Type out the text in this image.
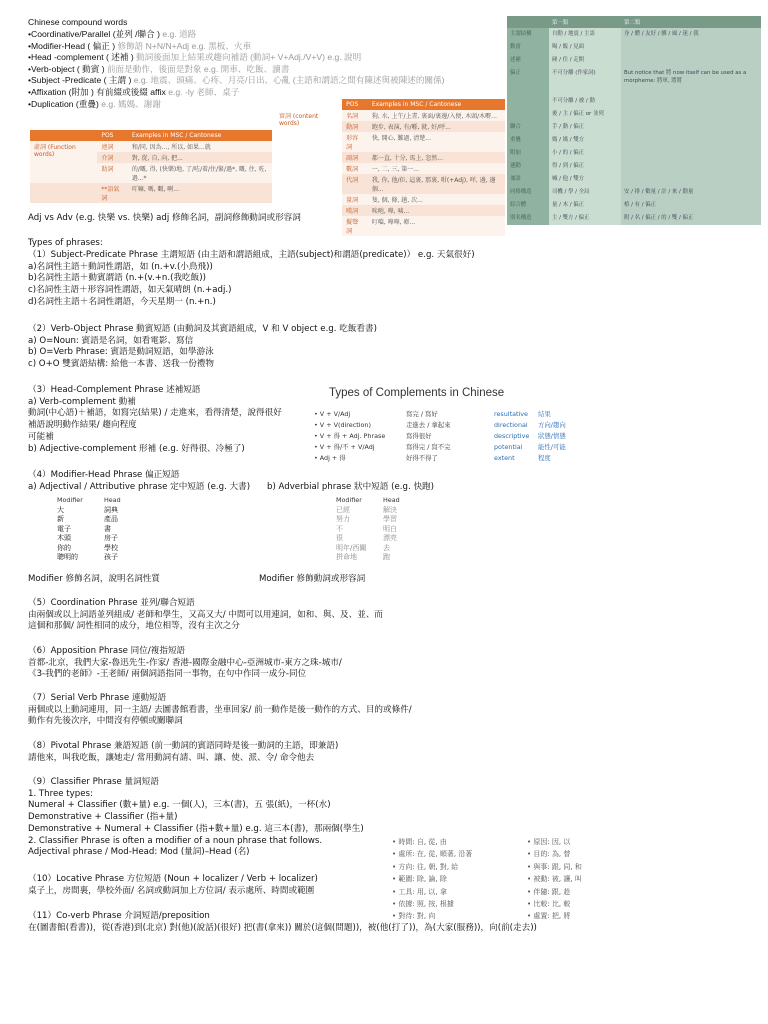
Chinese compound words
•Coordinative/Parallel (並列 /聯合 ) e.g. 道路
•Modifier-Head ( 偏正 ) 修飾語 N+N/N+Adj e.g. 黑板、火車
•Head -complement ( 述補 ) 動詞後面加上結果或趨向補語 (動詞+ V+Adj./V+V) e.g. 說明
•Verb-object ( 動賓 ) 前面是動作，後面是對象 e.g. 開車、吃飯、讀書
•Subject -Predicate ( 主謂 ) e.g. 地震、頭痛、心疼、月亮/日出、心亂 (主語和謂語之間有陳述與被陳述的關係)
•Affixation (附加 ) 有前綴或後綴 affix e.g. -ly 老師、桌子
•Duplication (重疊) e.g. 媽媽、謝謝
	POS	Examples in MSC / Cantonese
虛詞 (Function words)	連詞	和/同, 因為..., 所以, 如果...就
	介詞	對, 從, 自, 向, 把...
	助詞	的/嘅, 得, (快樂)地, 了/咗/着/住/緊/過*, 嘅, 住, 咗, 過...*
	**語氣詞	吖嘛, 嗎, 嘅, 啊...
	POS	Examples in MSC / Cantonese
實詞 (content words)	名詞	狗, 水, 上午/上晝, 裏面/裏邊/入便, 木頭/木嘢...
	動詞	跑步, 表演, 有/喺, 就, 好/呼...
	形容詞	快, 開心, 難過, 清楚...
	副詞	都一直, 十分, 馬上, 忽然...
	數詞	一, 二, 三, 第一...
	代詞	我, 你, 他/佢, 這裏, 那裏, 咁(+Adj), 咩, 邊, 邊個...
	量詞	隻, 個, 條, 趟, 次...
	嘆詞	唉吔, 嘩, 咦...
	擬聲詞	叮噹, 嘩嘩, 嘭...
	第一類	第二類
主謂結構	自動 / 地震 / 主語	身 / 體 / 友好 / 髒 / 風 / 迷 / 我
動賓	喝 / 飯 / 見面	
述補	碰 / 住 / 走開	
偏正	不可分離 (作家詞)	But notice that 將 now itself can be used as a morpheme: 將軍, 將將
	不可分離 / 被 / 動	
	後 / 主 / 偏正 or 並列	
聯合	手 / 動 / 偏正	
重疊	媽 / 媽 / 雙方	
附加	小 / 的 / 偏正	
連動	得 / 到 / 偏正	
兼語	喊 / 他 / 雙方	
同格構造	司機 / 學 / 全局	安 / 排 / 數量 / 計 / 來 / 動量
綜合體	量 / 木 / 偏正	植 / 有 / 偏正
別名構造	主 / 雙方 / 偏正	附 / 名 / 偏正 / 的 / 雙 / 偏正
Adj vs Adv (e.g. 快樂 vs. 快樂) adj 修飾名詞，副詞修飾動詞或形容詞
Types of phrases:
（1）Subject-Predicate Phrase 主謂短語 (由主語和謂語組成，主語(subject)和謂語(predicate)） e.g. 天氣很好)
a)名詞性主語＋動詞性謂語，如 (n.+v.(小鳥飛))
b)名詞性主語＋動賓謂語 (n.+(v.+n.(我吃飯))
c)名詞性主語＋形容詞性謂語，如天氣晴朗 (n.+adj.)
d)名詞性主語＋名詞性謂語，今天星期一 (n.+n.)
（2）Verb-Object Phrase 動賓短語 (由動詞及其賓語組成，V 和 V object e.g. 吃飯看書)
a) O=Noun: 賓語是名詞，如看電影、寫信
b) O=Verb Phrase: 賓語是動詞短語，如學游泳
c) O+O 雙賓語結構: 給他一本書、送我一份禮物
（3）Head-Complement Phrase 述補短語
a) Verb-complement 動補
動詞(中心語)＋補語，如寫完(結果) / 走進來，看得清楚，說得很好
補語說明動作結果/ 趨向程度
可能補
b) Adjective-complement 形補 (e.g. 好得很、冷極了)
（5）Coordination Phrase 並列/聯合短語
由兩個或以上詞語並列組成/ 老師和學生，又高又大/ 中間可以用連詞，如和、與、及、並、而
這個和那個/ 詞性相同的成分，地位相等，沒有主次之分
（6）Apposition Phrase 同位/複指短語
首都-北京，我們大家-魯迅先生-作家/ 香港-國際金融中心-亞洲城市-東方之珠-城市/
《3-我們的老師》-王老師/ 兩個詞語指同一事物，在句中作同一成分-同位
（7）Serial Verb Phrase 連動短語
兩個或以上動詞連用，同一主語/ 去圖書館看書，坐車回家/ 前一動作是後一動作的方式、目的或條件/
動作有先後次序，中間沒有停頓或關聯詞
（8）Pivotal Phrase 兼語短語 (前一動詞的賓語同時是後一動詞的主語，即兼語)
請他來，叫我吃飯，讓她走/ 常用動詞有請、叫、讓、使、派、令/ 命令他去
（9）Classifier Phrase 量詞短語
1. Three types:
Numeral + Classifier (數+量) e.g. 一個(人)，三本(書)，五 張(紙)，一杯(水)
Demonstrative + Classifier (指+量)
Demonstrative + Numeral + Classifier (指+數+量) e.g. 這三本(書)，那兩個(學生)
2. Classifier Phrase is often a modifier of a noun phrase that follows.
Adjectival phrase / Mod-Head: Mod (量詞)–Head (名)
（10）Locative Phrase 方位短語 (Noun + localizer / Verb + localizer)
桌子上，房間裏，學校外面/ 名詞或動詞加上方位詞/ 表示處所、時間或範圍
（11）Co-verb Phrase 介詞短語/preposition
在(圖書館(看書))，從(香港)到(北京) 對(他)(說話)(很好) 把(書(拿來)) 關於(這個(問題))，被(他(打了))，為(大家(服務))，向(前(走去))
（4）Modifier-Head Phrase 偏正短語
a) Adjectival / Attributive phrase 定中短語 (e.g. 大書) b) Adverbial phrase 狀中短語 (e.g. 快跑)
Modifier 修飾名詞，說明名詞性質	Modifier 修飾動詞或形容詞
Types of Complements in Chinese
• V + V/Adj	寫完 / 寫好	resultative	結果
• V + V(direction)	走進去 / 拿起來	directional	方向/趨向
• V + 得 + Adj. Phrase	寫得很好	descriptive	狀態/情態
• V + 得/不 + V/Adj	寫得完 / 寫不完	potential	能性/可能
• Adj + 得	好得不得了	extent	程度
Modifier	Head
大	詞典
新	產品
電子	書
木頭	房子
你的	學校
聰明的	孩子
Modifier	Head
已經	解決
努力	學習
不	明白
很	漂亮
明年/西關	去
拼命地	跑
• 時間: 自, 從, 由
• 處所: 在, 從, 順著, 沿著
• 方向: 往, 朝, 對, 給
• 範圍: 除, 論, 除
• 工具: 用, 以, 拿
• 依據: 照, 按, 根據
• 對待: 對, 向
• 原因: 因, 以
• 目的: 為, 替
• 與事: 跟, 同, 和
• 被動: 被, 讓, 叫
• 伴隨: 跟, 趁
• 比較: 比, 較
• 處置: 把, 將
